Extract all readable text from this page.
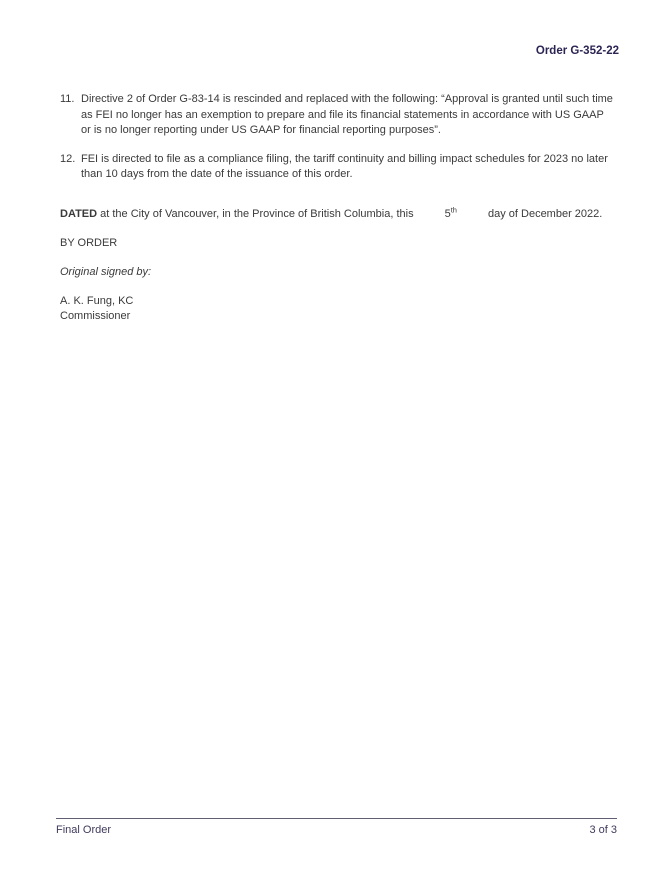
Order G-352-22
11. Directive 2 of Order G-83-14 is rescinded and replaced with the following: “Approval is granted until such time as FEI no longer has an exemption to prepare and file its financial statements in accordance with US GAAP or is no longer reporting under US GAAP for financial reporting purposes”.
12. FEI is directed to file as a compliance filing, the tariff continuity and billing impact schedules for 2023 no later than 10 days from the date of the issuance of this order.

DATED at the City of Vancouver, in the Province of British Columbia, this	5th	day of December 2022.

BY ORDER

Original signed by:

A. K. Fung, KC
Commissioner
Final Order	3 of 3
